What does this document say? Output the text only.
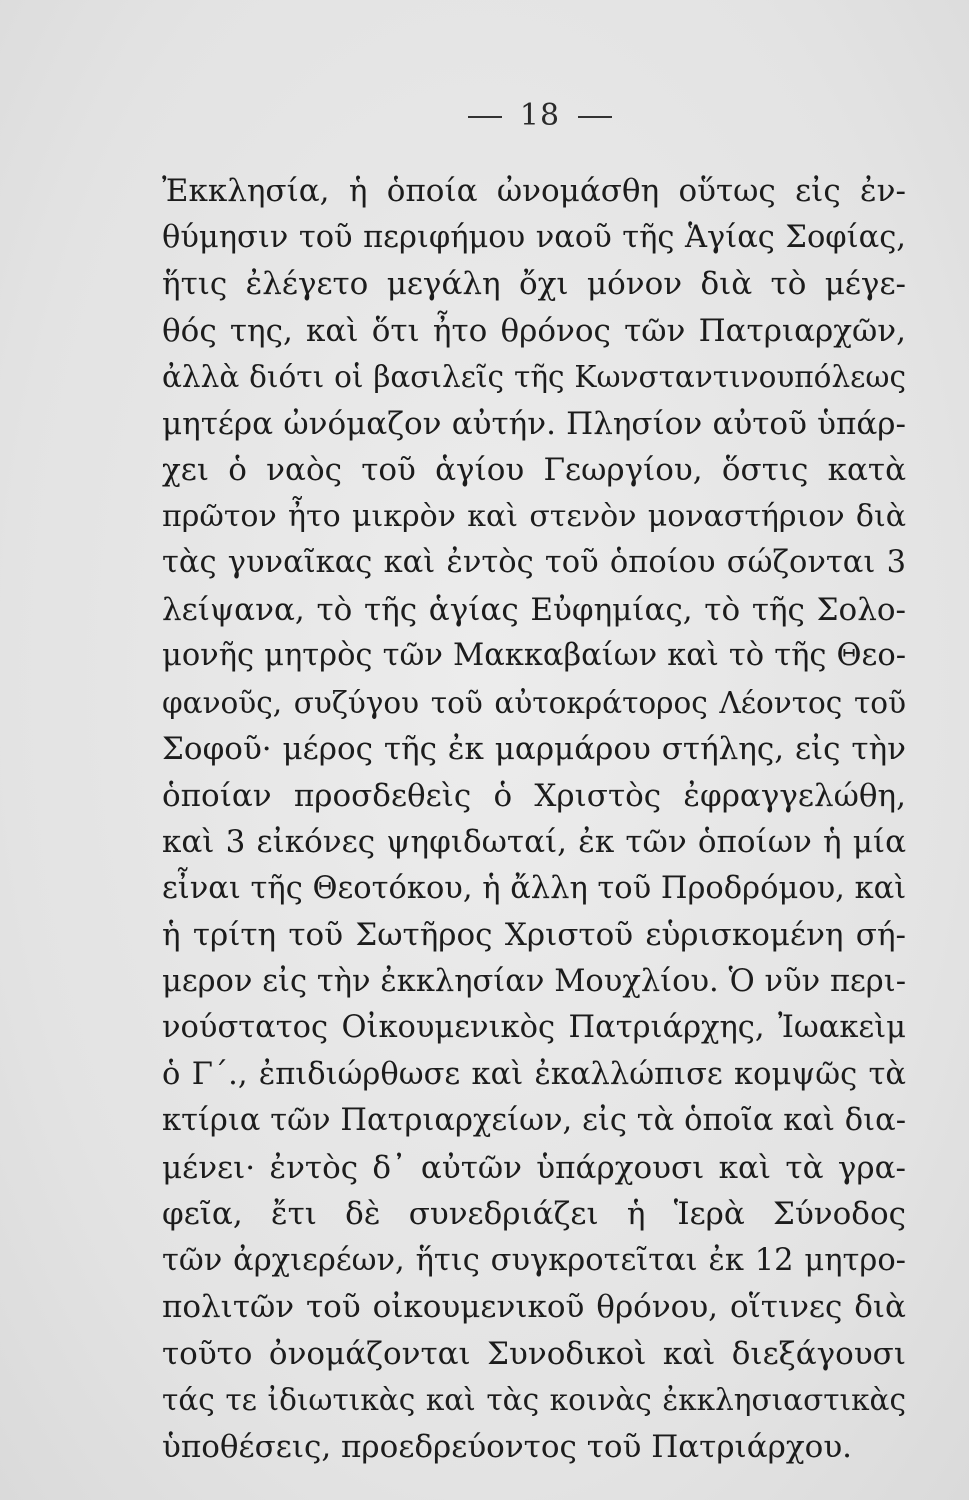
18
Ἐκκλησία, ἡ ὁποία ὠνομάσθη οὕτως εἰς ἐν-
θύμησιν τοῦ περιφήμου ναοῦ τῆς Ἁγίας Σοφίας,
ἥτις ἐλέγετο μεγάλη ὄχι μόνον διὰ τὸ μέγε-
θός της, καὶ ὅτι ἦτο θρόνος τῶν Πατριαρχῶν,
ἀλλὰ διότι οἱ βασιλεῖς τῆς Κωνσταντινουπόλεως
μητέρα ὠνόμαζον αὐτήν. Πλησίον αὐτοῦ ὑπάρ-
χει ὁ ναὸς τοῦ ἁγίου Γεωργίου, ὅστις κατὰ
πρῶτον ἦτο μικρὸν καὶ στενὸν μοναστήριον διὰ
τὰς γυναῖκας καὶ ἐντὸς τοῦ ὁποίου σώζονται 3
λείψανα, τὸ τῆς ἁγίας Εὐφημίας, τὸ τῆς Σολο-
μονῆς μητρὸς τῶν Μακκαβαίων καὶ τὸ τῆς Θεο-
φανοῦς, συζύγου τοῦ αὐτοκράτορος Λέοντος τοῦ
Σοφοῦ· μέρος τῆς ἐκ μαρμάρου στήλης, εἰς τὴν
ὁποίαν προσδεθεὶς ὁ Χριστὸς ἐφραγγελώθη,
καὶ 3 εἰκόνες ψηφιδωταί, ἐκ τῶν ὁποίων ἡ μία
εἶναι τῆς Θεοτόκου, ἡ ἄλλη τοῦ Προδρόμου, καὶ
ἡ τρίτη τοῦ Σωτῆρος Χριστοῦ εὑρισκομένη σή-
μερον εἰς τὴν ἐκκλησίαν Μουχλίου. Ὁ νῦν περι-
νούστατος Οἰκουμενικὸς Πατριάρχης, Ἰωακεὶμ
ὁ Γ΄., ἐπιδιώρθωσε καὶ ἐκαλλώπισε κομψῶς τὰ
κτίρια τῶν Πατριαρχείων, εἰς τὰ ὁποῖα καὶ δια-
μένει· ἐντὸς δ᾽ αὐτῶν ὑπάρχουσι καὶ τὰ γρα-
φεῖα, ἔτι δὲ συνεδριάζει ἡ Ἱερὰ Σύνοδος
τῶν ἀρχιερέων, ἥτις συγκροτεῖται ἐκ 12 μητρο-
πολιτῶν τοῦ οἰκουμενικοῦ θρόνου, οἵτινες διὰ
τοῦτο ὀνομάζονται Συνοδικοὶ καὶ διεξάγουσι
τάς τε ἰδιωτικὰς καὶ τὰς κοινὰς ἐκκλησιαστικὰς
ὑποθέσεις, προεδρεύοντος τοῦ Πατριάρχου.
